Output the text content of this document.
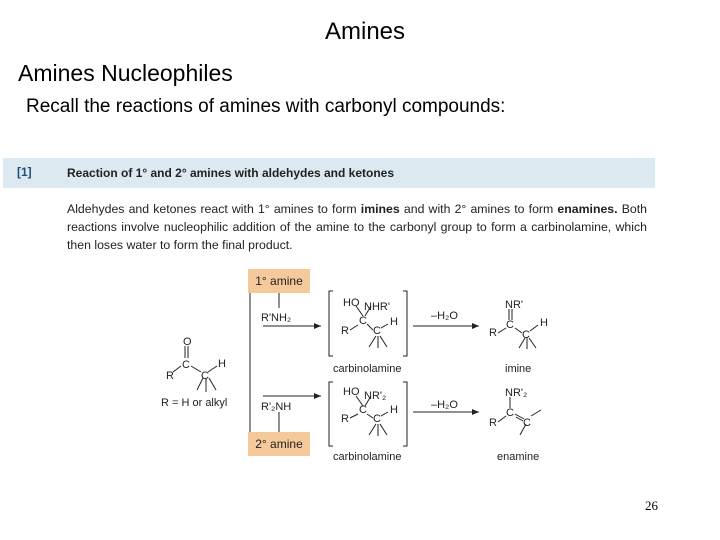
Amines
Amines Nucleophiles
Recall the reactions of amines with carbonyl compounds:
[1]	Reaction of 1° and 2° amines with aldehydes and ketones
Aldehydes and ketones react with 1° amines to form imines and with 2° amines to form enamines. Both reactions involve nucleophilic addition of the amine to the carbonyl group to form a carbinolamine, which then loses water to form the final product.
1° amine
2° amine
O
C
R C
H
R = H or alkyl
R'NH₂
R'₂NH
–H₂O
–H₂O
HO NHR'
C
R C
H
carbinolamine
HO NR'₂
C
R C
H
carbinolamine
NR'
C
R C
H
imine
NR'₂
C
R C
enamine
26
